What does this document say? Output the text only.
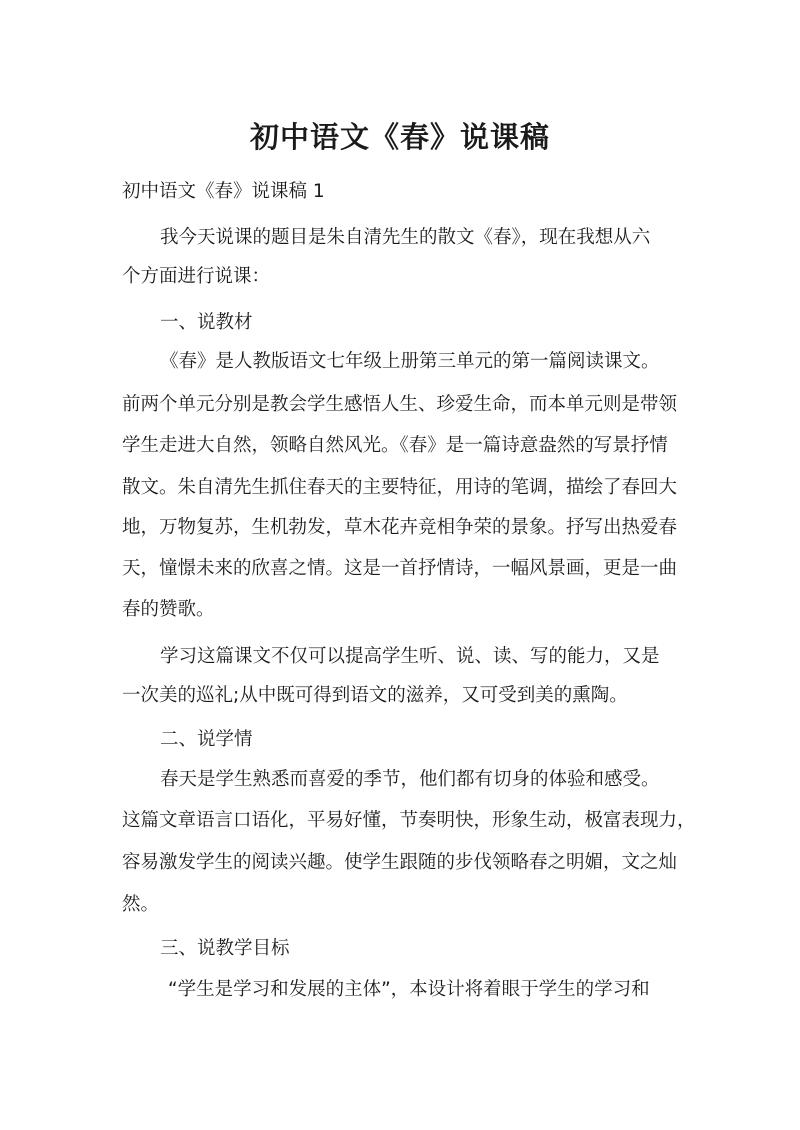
初中语文《春》说课稿
初中语文《春》说课稿 1
我今天说课的题目是朱自清先生的散文《春》，现在我想从六
个方面进行说课：
一、说教材
《春》是人教版语文七年级上册第三单元的第一篇阅读课文。
前两个单元分别是教会学生感悟人生、珍爱生命，而本单元则是带领
学生走进大自然，领略自然风光。《春》是一篇诗意盎然的写景抒情
散文。朱自清先生抓住春天的主要特征，用诗的笔调，描绘了春回大
地，万物复苏，生机勃发，草木花卉竞相争荣的景象。抒写出热爱春
天，憧憬未来的欣喜之情。这是一首抒情诗，一幅风景画，更是一曲
春的赞歌。
学习这篇课文不仅可以提高学生听、说、读、写的能力，又是
一次美的巡礼;从中既可得到语文的滋养，又可受到美的熏陶。
二、说学情
春天是学生熟悉而喜爱的季节，他们都有切身的体验和感受。
这篇文章语言口语化，平易好懂，节奏明快，形象生动，极富表现力，
容易激发学生的阅读兴趣。使学生跟随的步伐领略春之明媚，文之灿
然。
三、说教学目标
“学生是学习和发展的主体”，本设计将着眼于学生的学习和
